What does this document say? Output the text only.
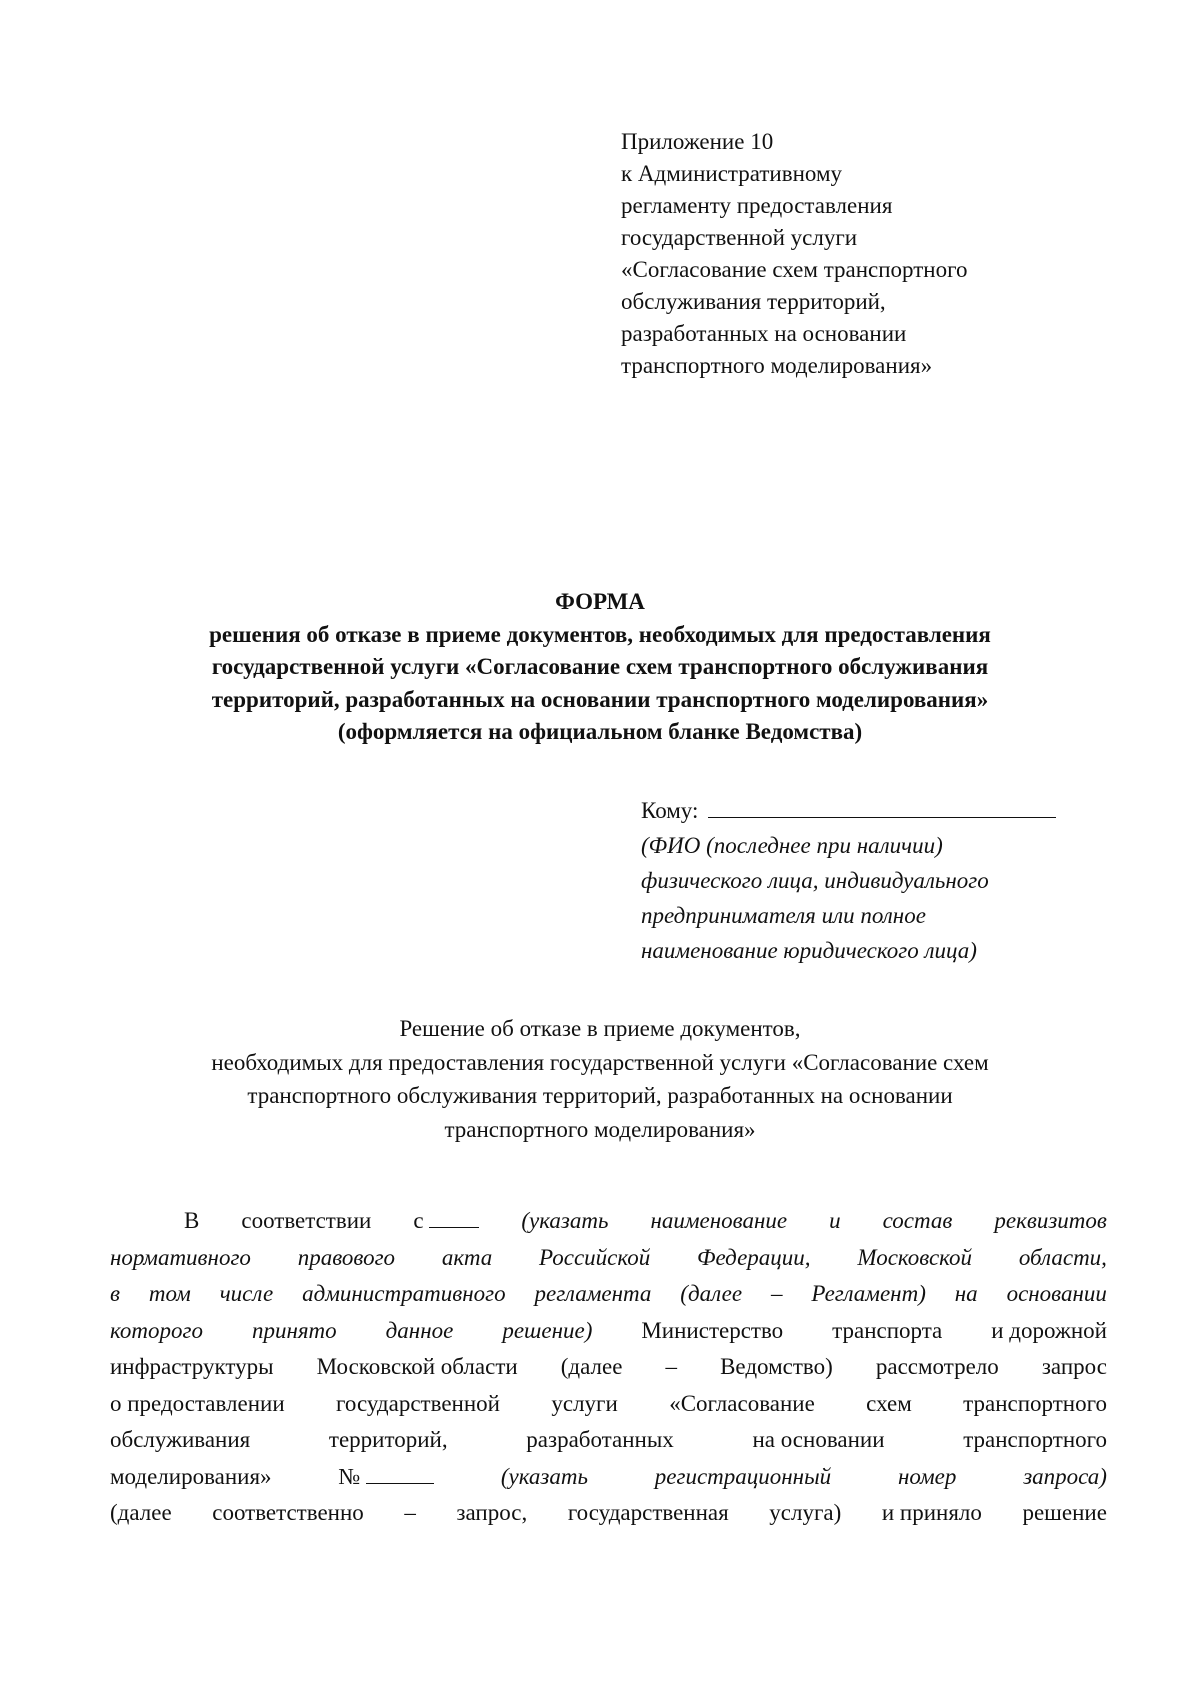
Приложение 10
к Административному
регламенту предоставления
государственной услуги
«Согласование схем транспортного
обслуживания территорий,
разработанных на основании
транспортного моделирования»
ФОРМА
решения об отказе в приеме документов, необходимых для предоставления
государственной услуги «Согласование схем транспортного обслуживания
территорий, разработанных на основании транспортного моделирования»
(оформляется на официальном бланке Ведомства)
Кому:
(ФИО (последнее при наличии)
физического лица, индивидуального
предпринимателя или полное
наименование юридического лица)
Решение об отказе в приеме документов,
необходимых для предоставления государственной услуги «Согласование схем
транспортного обслуживания территорий, разработанных на основании
транспортного моделирования»
В соответствии с	(указать наименование и состав реквизитов
нормативного правового акта Российской Федерации, Московской области,
в том числе административного регламента (далее – Регламент) на основании
которого принято данное решение) Министерство транспорта и дорожной
инфраструктуры Московской области (далее – Ведомство) рассмотрело запрос
о предоставлении государственной услуги «Согласование схем транспортного
обслуживания	территорий,	разработанных	на основании	транспортного
моделирования»	№	(указать	регистрационный	номер	запроса)
(далее соответственно – запрос, государственная услуга) и приняло решение
